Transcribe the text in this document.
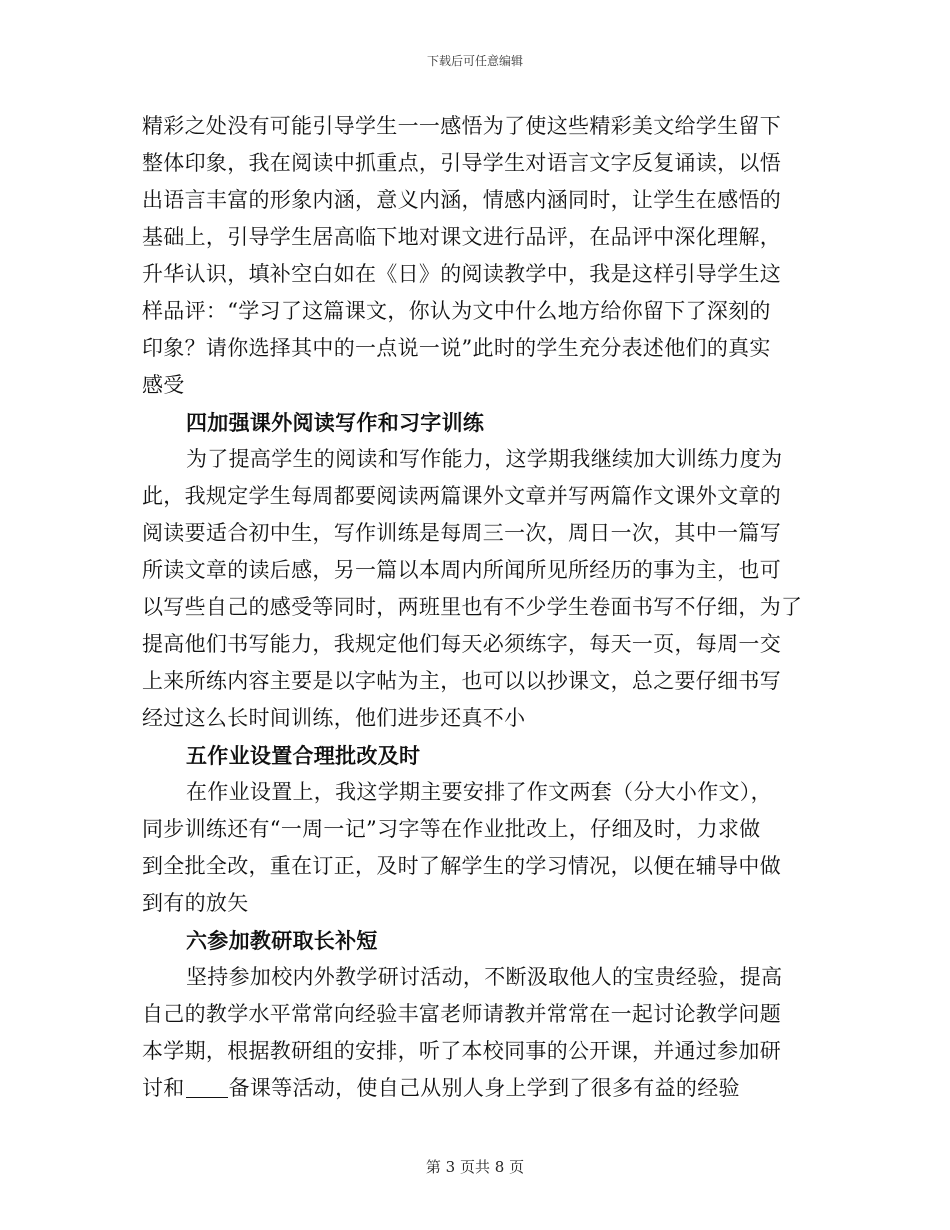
下载后可任意编辑
精彩之处没有可能引导学生一一感悟为了使这些精彩美文给学生留下
整体印象，我在阅读中抓重点，引导学生对语言文字反复诵读，以悟
出语言丰富的形象内涵，意义内涵，情感内涵同时，让学生在感悟的
基础上，引导学生居高临下地对课文进行品评，在品评中深化理解，
升华认识，填补空白如在《日》的阅读教学中，我是这样引导学生这
样品评：“学习了这篇课文，你认为文中什么地方给你留下了深刻的
印象？请你选择其中的一点说一说”此时的学生充分表述他们的真实
感受
四加强课外阅读写作和习字训练
为了提高学生的阅读和写作能力，这学期我继续加大训练力度为
此，我规定学生每周都要阅读两篇课外文章并写两篇作文课外文章的
阅读要适合初中生，写作训练是每周三一次，周日一次，其中一篇写
所读文章的读后感，另一篇以本周内所闻所见所经历的事为主，也可
以写些自己的感受等同时，两班里也有不少学生卷面书写不仔细，为了
提高他们书写能力，我规定他们每天必须练字，每天一页，每周一交
上来所练内容主要是以字帖为主，也可以以抄课文，总之要仔细书写
经过这么长时间训练，他们进步还真不小
五作业设置合理批改及时
在作业设置上，我这学期主要安排了作文两套（分大小作文），
同步训练还有“一周一记”习字等在作业批改上，仔细及时，力求做
到全批全改，重在订正，及时了解学生的学习情况，以便在辅导中做
到有的放矢
六参加教研取长补短
坚持参加校内外教学研讨活动，不断汲取他人的宝贵经验，提高
自己的教学水平常常向经验丰富老师请教并常常在一起讨论教学问题
本学期，根据教研组的安排，听了本校同事的公开课，并通过参加研
讨和 备课等活动，使自己从别人身上学到了很多有益的经验
第 3 页共 8 页
